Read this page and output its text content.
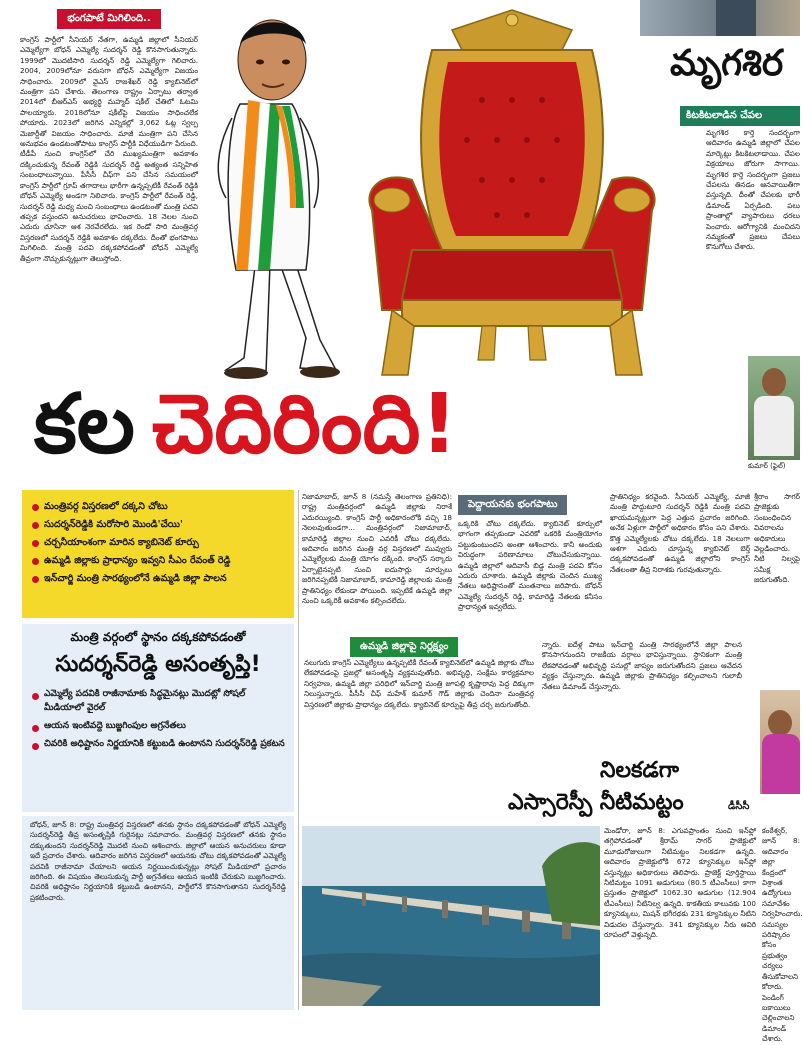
భంగపాటే మిగిలింది..
కాంగ్రెస్ పార్టీలో సీనియర్ నేతగా, ఉమ్మడి జిల్లాలో సీనియర్ ఎమ్మెల్యేగా బోధన్ ఎమ్మెల్యే సుదర్శన్ రెడ్డి కొనసాగుతున్నారు. 1999లో మొదటిసారి సుదర్శన్ రెడ్డి ఎమ్మెల్యేగా గెలిచారు. 2004, 2009లోనూ వరుసగా బోధన్ ఎమ్మెల్యేగా విజయం సాధించారు. 2009లో వైఎస్ రాజశేఖర్ రెడ్డి క్యాబినెట్‌లో మంత్రిగా పని చేశారు. తెలంగాణ రాష్ట్రం ఏర్పాటు తర్వాత 2014లో బీఆర్ఎస్ అభ్యర్థి మహ్మద్ షకీల్ చేతిలో ఓటమి పాలయ్యారు. 2018లోనూ షకీల్‌పై విజయం సాధించలేక పోయారు. 2023లో జరిగిన ఎన్నికల్లో 3,062 ఓట్ల స్వల్ప మెజార్టీతో విజయం సాధించారు. మాజీ మంత్రిగా పని చేసిన అనుభవం ఉండటంతోపాటు కాంగ్రెస్ పార్టీకి విధేయుడిగా పేరుంది. టీడీపీ నుంచి కాంగ్రెస్‌లో చేరి ముఖ్యమంత్రిగా అవకాశం దక్కించుకున్న రేవంత్ రెడ్డికి సుదర్శన్ రెడ్డి అత్యంత సన్నిహిత సంబంధాలున్నాయి. పీసీసీ చీఫ్‌గా పని చేసిన సమయంలో కాంగ్రెస్ పార్టీలో గ్రూప్ తగాదాలు భారీగా ఉన్నప్పటికీ రేవంత్ రెడ్డికి బోధన్ ఎమ్మెల్యే అండగా నిలిచారు. కాంగ్రెస్ పార్టీలో రేవంత్ రెడ్డి, సుదర్శన్ రెడ్డి మధ్య మంచి సంబంధాలు ఉండటంతో మంత్రి పదవి తప్పక వస్తుందని అనుచరులు భావించారు. 18 నెలల నుంచి ఎదురు చూసినా ఆశ నెరవేరలేదు. ఇక రెండో సారి మంత్రివర్గ విస్తరణలో సుదర్శన్ రెడ్డికి అవకాశం దక్కలేదు. దీంతో భంగపాటు మిగిలింది. మంత్రి పదవి దక్కకపోవడంతో బోధన్ ఎమ్మెల్యే తీవ్రంగా నొచ్చుకున్నట్లుగా తెలుస్తోంది.
మృగశిర
కిటకిటలాడిన చేపల
మృగశిర కార్తె సందర్భంగా ఆదివారం ఉమ్మడి జిల్లాలో చేపల మార్కెట్లు కిటకిటలాడాయి. చేపల విక్రయాలు జోరుగా సాగాయి. మృగశిర కార్తె సందర్భంగా ప్రజలు చేపలను తినడం ఆనవాయితీగా వస్తున్నది. దీంతో చేపలకు భారీ డిమాండ్ ఏర్పడింది. పలు ప్రాంతాల్లో వ్యాపారులు ధరలు పెంచారు. ఆరోగ్యానికి మంచిదని నమ్మకంతో ప్రజలు చేపలు కొనుగోలు చేశారు.
కుమార్ (ఫైల్)
కల చెదిరింది!
మంత్రివర్గ విస్తరణలో దక్కని చోటు
సుదర్శన్‌రెడ్డికి మరోసారి మొండి'చేయి'
చర్చనీయాంశంగా మారిన క్యాబినెట్ కూర్పు
ఉమ్మడి జిల్లాకు ప్రాధాన్యం ఇవ్వని సీఎం రేవంత్ రెడ్డి
ఇన్‌చార్జి మంత్రి సారథ్యంలోనే ఉమ్మడి జిల్లా పాలన
నిజామాబాద్, జూన్ 8 (నమస్తే తెలంగాణ ప్రతినిధి): రాష్ట్ర మంత్రివర్గంలో ఉమ్మడి జిల్లాకు నిరాశే ఎదురయ్యింది. కాంగ్రెస్ పార్టీ అధికారంలోకి వచ్చి 18 నెలలవుతుండగా... మంత్రివర్గంలో నిజామాబాద్, కామారెడ్డి జిల్లాల నుంచి ఎవరికీ చోటు దక్కలేదు. ఆదివారం జరిగిన మంత్రి వర్గ విస్తరణలో మువ్వురు ఎమ్మెల్యేలకు మంత్రి యోగం దక్కింది. కాంగ్రెస్ సర్కారు ఏర్పాటైనప్పటి నుంచి ఐదుసార్లు మార్పులు జరిగినప్పటికీ నిజామాబాద్, కామారెడ్డి జిల్లాలకు మంత్రి ప్రాతినిధ్యం లేకుండా పోయింది. ఇప్పటికే ఉమ్మడి జిల్లా నుంచి ఒక్కరికీ అవకాశం కల్పించలేదు.
పెద్దాయనకు భంగపాటు
ఒక్కరికి చోటు దక్కలేదు. క్యాబినెట్ కూర్పులో భాగంగా తప్పకుండా ఎవరికో ఒకరికి మంత్రియోగం పట్టుకుంటుందని అంతా ఆశించారు. కానీ అందుకు విరుద్ధంగా పరిణామాలు చోటుచేసుకున్నాయి. ఉమ్మడి జిల్లాలో ఆదివాసీ బిడ్డ మంత్రి పదవి కోసం ఎదురు చూశారు. ఉమ్మడి జిల్లాకు చెందిన ముఖ్య నేతలు అధిష్టానంతో మంతనాలు జరిపారు. బోధన్ ఎమ్మెల్యే సుదర్శన్ రెడ్డి, కామారెడ్డి నేతలకు కనీసం ప్రాధాన్యత ఇవ్వలేదు.
ప్రాతినిధ్యం కరవైంది. సీనియర్ ఎమ్మెల్యే, మాజీ మంత్రి పొద్దుటూరి సుదర్శన్ రెడ్డికి మంత్రి పదవి ఖాయమన్నట్లుగా పెద్ద ఎత్తున ప్రచారం జరిగింది. అనేక ఏళ్లుగా పార్టీలో అధికారం కోసం పని చేశారు. కొత్త ఎమ్మెల్యేలకు చోటు దక్కలేదు. 18 నెలలుగా ఆశగా ఎదురు చూస్తున్న క్యాబినెట్ బెర్త్ దక్కకపోవడంతో ఉమ్మడి జిల్లాలోని కాంగ్రెస్ నేతలంతా తీవ్ర నిరాశకు గురవుతున్నారు.
శ్రీరాం సాగర్ ప్రాజెక్టుకు సంబంధించిన వివరాలను అధికారులు వెల్లడించారు. నీటి నిల్వపై సమీక్ష జరుగుతోంది.
ఉమ్మడి జిల్లాపై నిర్లక్ష్యం
నలుగురు కాంగ్రెస్ ఎమ్మెల్యేలు ఉన్నప్పటికీ రేవంత్ క్యాబినెట్‌లో ఉమ్మడి జిల్లాకు చోటు లేకపోవడంపై ప్రజల్లో అసంతృప్తి వ్యక్తమవుతోంది. అభివృద్ధి, సంక్షేమ కార్యక్రమాల నిర్వహణ, ఉమ్మడి జిల్లా పరిధిలో ఇన్‌చార్జి మంత్రి జూపల్లి కృష్ణారావు పెద్ద దిక్కుగా నిలుస్తున్నారు. పీసీసీ చీఫ్ మహేశ్ కుమార్ గౌడ్ జిల్లాకు చెందినా మంత్రివర్గ విస్తరణలో జిల్లాకు ప్రాధాన్యం దక్కలేదు. క్యాబినెట్ కూర్పుపై తీవ్ర చర్చ జరుగుతోంది.
న్నారు. ఐదేళ్ల పాటు ఇన్‌చార్జి మంత్రి సారథ్యంలోనే జిల్లా పాలన కొనసాగనుందని రాజకీయ వర్గాలు భావిస్తున్నాయి. స్థానికంగా మంత్రి లేకపోవడంతో అభివృద్ధి పనుల్లో జాప్యం జరుగుతోందని ప్రజలు ఆవేదన వ్యక్తం చేస్తున్నారు. ఉమ్మడి జిల్లాకు ప్రాతినిధ్యం కల్పించాలని గులాబీ నేతలు డిమాండ్ చేస్తున్నారు.
డీసీసీ
మంత్రి వర్గంలో స్థానం దక్కకపోవడంతో
సుదర్శన్‌రెడ్డి అసంతృప్తి!
ఎమ్మెల్యే పదవికి రాజీనామాకు సిద్ధమైనట్లు మొదట్లో సోషల్ మీడియాలో వైరల్
ఆయన ఇంటివద్దె బుజ్జగింపుల అగ్రనేతలు
చివరికి అధిష్టానం నిర్ణయానికి కట్టుబడి ఉంటానని సుదర్శన్‌రెడ్డి ప్రకటన
బోధన్, జూన్ 8: రాష్ట్ర మంత్రివర్గ విస్తరణలో తనకు స్థానం దక్కకపోవడంతో బోధన్ ఎమ్మెల్యే సుదర్శన్‌రెడ్డి తీవ్ర అసంతృప్తికి గురైనట్లు సమాచారం. మంత్రివర్గ విస్తరణలో తనకు స్థానం దక్కుతుందని సుదర్శన్‌రెడ్డి మొదటి నుంచి ఆశించారు. జిల్లాలో ఆయన అనుచరులు కూడా ఇదే ప్రచారం చేశారు. ఆదివారం జరిగిన విస్తరణలో ఆయనకు చోటు దక్కకపోవడంతో ఎమ్మెల్యే పదవికి రాజీనామా చేయాలని ఆయన నిర్ణయించుకున్నట్లు సోషల్ మీడియాలో ప్రచారం జరిగింది. ఈ విషయం తెలుసుకున్న పార్టీ అగ్రనేతలు ఆయన ఇంటికి చేరుకుని బుజ్జగించారు. చివరికి అధిష్టానం నిర్ణయానికి కట్టుబడి ఉంటానని, పార్టీలోనే కొనసాగుతానని సుదర్శన్‌రెడ్డి ప్రకటించారు.
నిలకడగా
ఎస్సారెస్పీ నీటిమట్టం
మెండోరా, జూన్ 8: ఎగువప్రాంతం నుంచి ఇన్‌ఫ్లో తగ్గిపోవడంతో శ్రీరామ్ సాగర్ ప్రాజెక్టులో మూడురోజులుగా నీటిమట్టం నిలకడగా ఉన్నది. ఆదివారం ప్రాజెక్టులోకి 672 క్యూసెక్కుల ఇన్‌ఫ్లో వస్తున్నట్లు అధికారులు తెలిపారు. ప్రాజెక్ట్ పూర్తిస్థాయి నీటిమట్టం 1091 అడుగులు (80.5 టీఎంసీలు) కాగా ప్రస్తుతం ప్రాజెక్టులో 1062.30 అడుగుల (12.904 టీఎంసీలు) నీటినిల్వ ఉన్నది. కాకతీయ కాలువకు 100 క్యూసెక్కులు, మిషన్ భగీరథకు 231 క్యూసెక్కుల నీటిని విడుదల చేస్తున్నారు. 341 క్యూసెక్కుల నీరు ఆవిరి రూపంలో వెళ్తున్నది.
కంఠేశ్వర్, జూన్ 8: ఆదివారం జిల్లా కేంద్రంలో విశ్రాంత ఉద్యోగులు సమావేశం నిర్వహించారు. సమస్యల పరిష్కారం కోసం ప్రభుత్వం చర్యలు తీసుకోవాలని కోరారు. పెండింగ్ బకాయిలు చెల్లించాలని డిమాండ్ చేశారు.
